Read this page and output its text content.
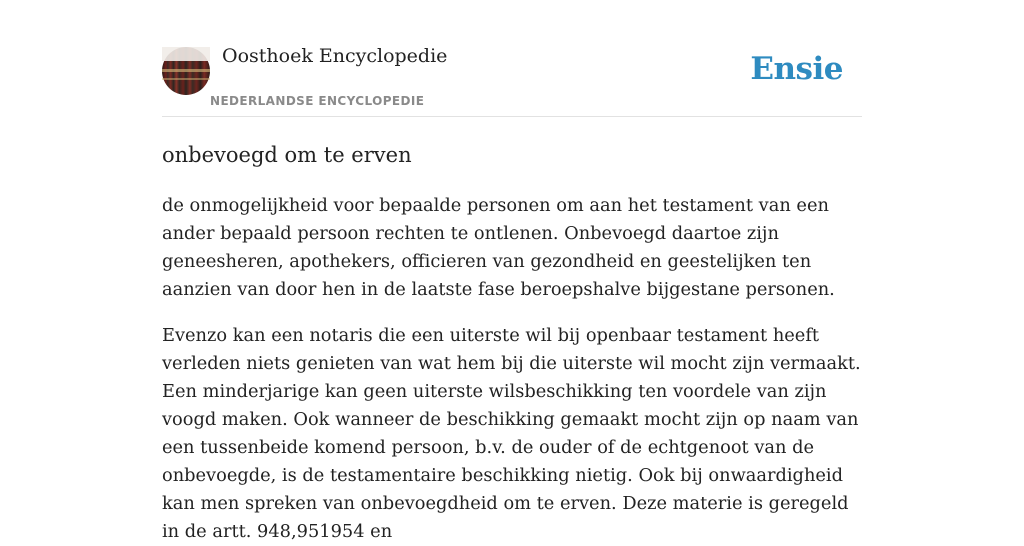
Oosthoek Encyclopedie
NEDERLANDSE ENCYCLOPEDIE
Ensie
onbevoegd om te erven

de onmogelijkheid voor bepaalde personen om aan het testament van een ander bepaald persoon rechten te ontlenen. Onbevoegd daartoe zijn geneesheren, apothekers, officieren van gezondheid en geestelijken ten aanzien van door hen in de laatste fase beroepshalve bijgestane personen.

Evenzo kan een notaris die een uiterste wil bij openbaar testament heeft verleden niets genieten van wat hem bij die uiterste wil mocht zijn vermaakt. Een minderjarige kan geen uiterste wilsbeschikking ten voordele van zijn voogd maken. Ook wanneer de beschikking gemaakt mocht zijn op naam van een tussenbeide komend persoon, b.v. de ouder of de echtgenoot van de onbevoegde, is de testamentaire beschikking nietig. Ook bij onwaardigheid kan men spreken van onbevoegdheid om te erven. Deze materie is geregeld in de artt. 948,951954 en
